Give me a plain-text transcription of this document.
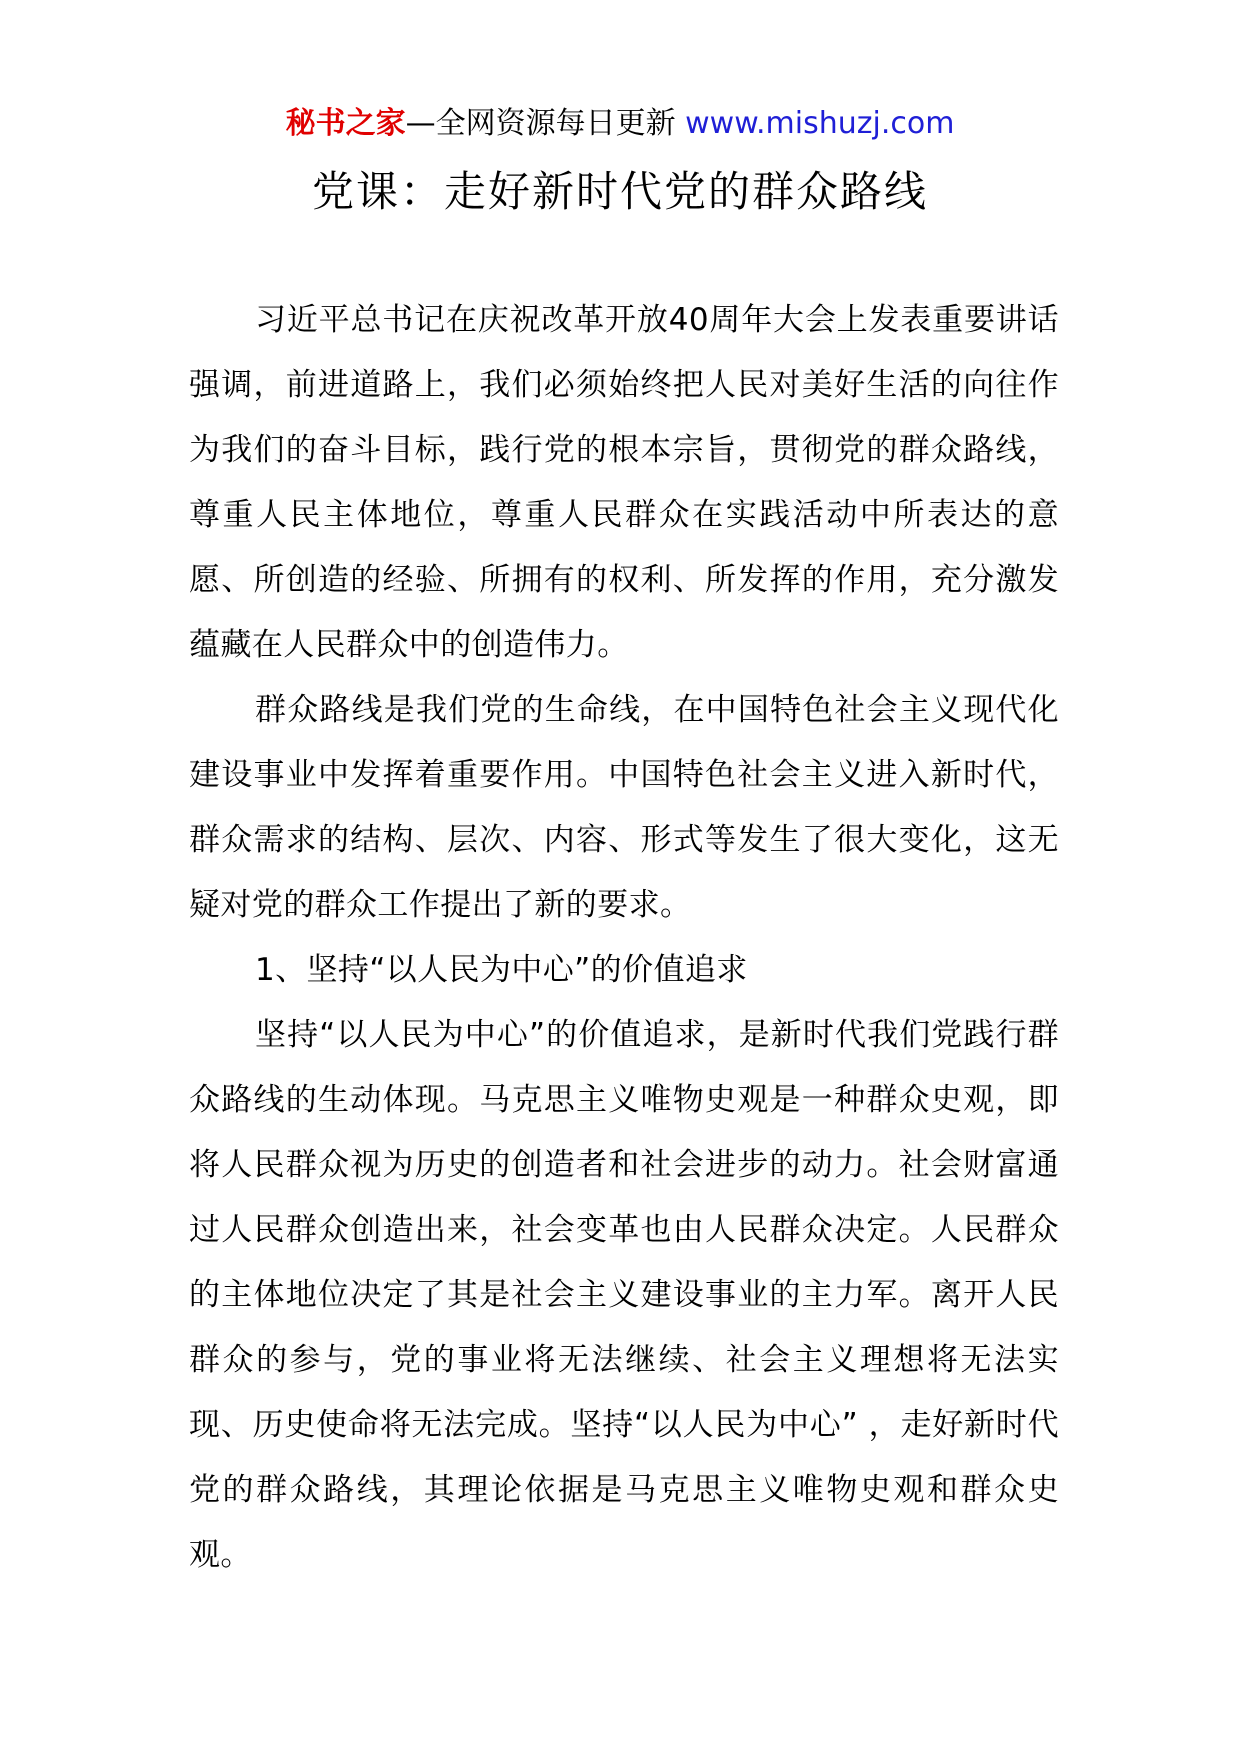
秘书之家—全网资源每日更新 www.mishuzj.com
党课：走好新时代党的群众路线

习近平总书记在庆祝改革开放40周年大会上发表重要讲话强调，前进道路上，我们必须始终把人民对美好生活的向往作为我们的奋斗目标，践行党的根本宗旨，贯彻党的群众路线，尊重人民主体地位，尊重人民群众在实践活动中所表达的意愿、所创造的经验、所拥有的权利、所发挥的作用，充分激发蕴藏在人民群众中的创造伟力。

群众路线是我们党的生命线，在中国特色社会主义现代化建设事业中发挥着重要作用。中国特色社会主义进入新时代，群众需求的结构、层次、内容、形式等发生了很大变化，这无疑对党的群众工作提出了新的要求。

1、坚持“以人民为中心”的价值追求

坚持“以人民为中心”的价值追求，是新时代我们党践行群众路线的生动体现。马克思主义唯物史观是一种群众史观，即将人民群众视为历史的创造者和社会进步的动力。社会财富通过人民群众创造出来，社会变革也由人民群众决定。人民群众的主体地位决定了其是社会主义建设事业的主力军。离开人民群众的参与，党的事业将无法继续、社会主义理想将无法实现、历史使命将无法完成。坚持“以人民为中心” ，走好新时代党的群众路线，其理论依据是马克思主义唯物史观和群众史观。
